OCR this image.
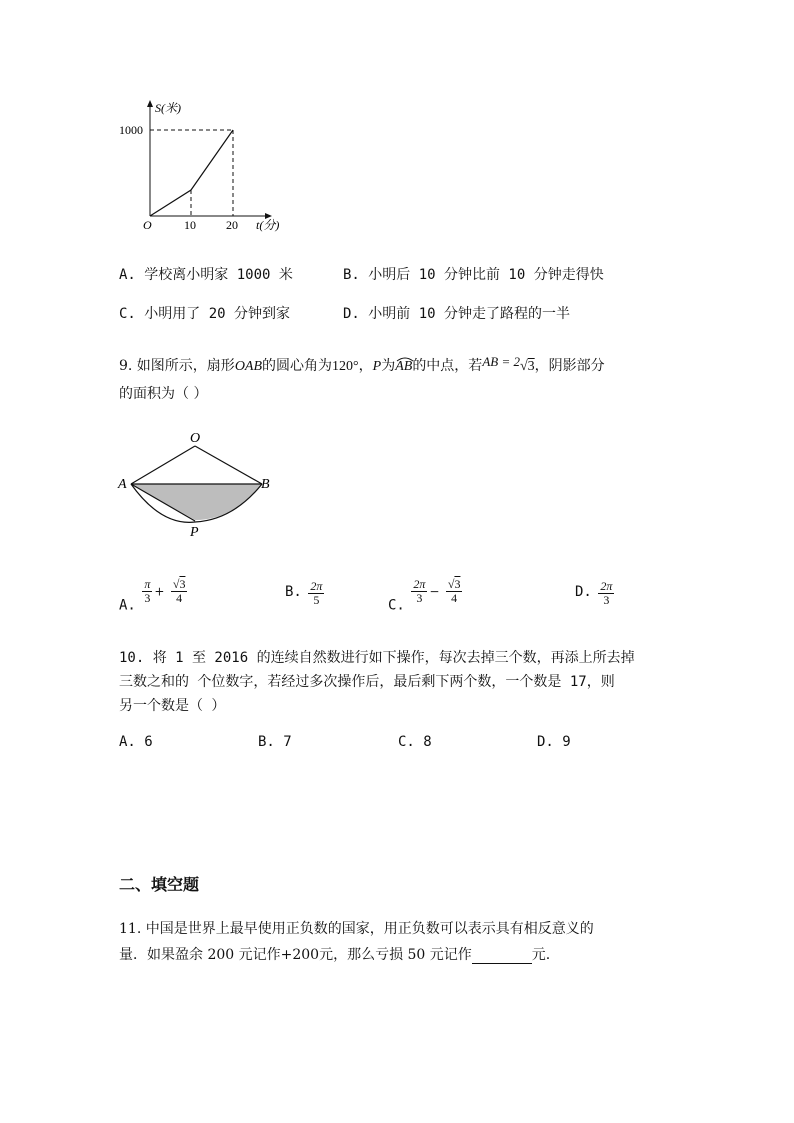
S(米)
1000
O	10	20 t(分)
A. 学校离小明家 1000 米	B. 小明后 10 分钟比前 10 分钟走得快
C. 小明用了 20 分钟到家	D. 小明前 10 分钟走了路程的一半
9. 如图所示，扇形OAB的圆心角为120°，P为AB
的中点，若AB = 2√3，阴影部分
的面积为（ ）
O
A	B
P
A.
$\frac{\pi}{3} + \frac{√3}{4}$	B. $\frac{2\pi}{5}$	C.
$\frac{2\pi}{3} - \frac{√3}{4}$	D. $\frac{2\pi}{3}$
10. 将 1 至 2016 的连续自然数进行如下操作，每次去掉三个数，再添上所去掉
三数之和的 个位数字，若经过多次操作后，最后剩下两个数，一个数是 17，则
另一个数是（ ）
A. 6	B. 7	C. 8	D. 9
二、填空题
11. 中国是世界上最早使用正负数的国家，用正负数可以表示具有相反意义的
量．如果盈余 200 元记作+200元，那么亏损 50 元记作	元.
